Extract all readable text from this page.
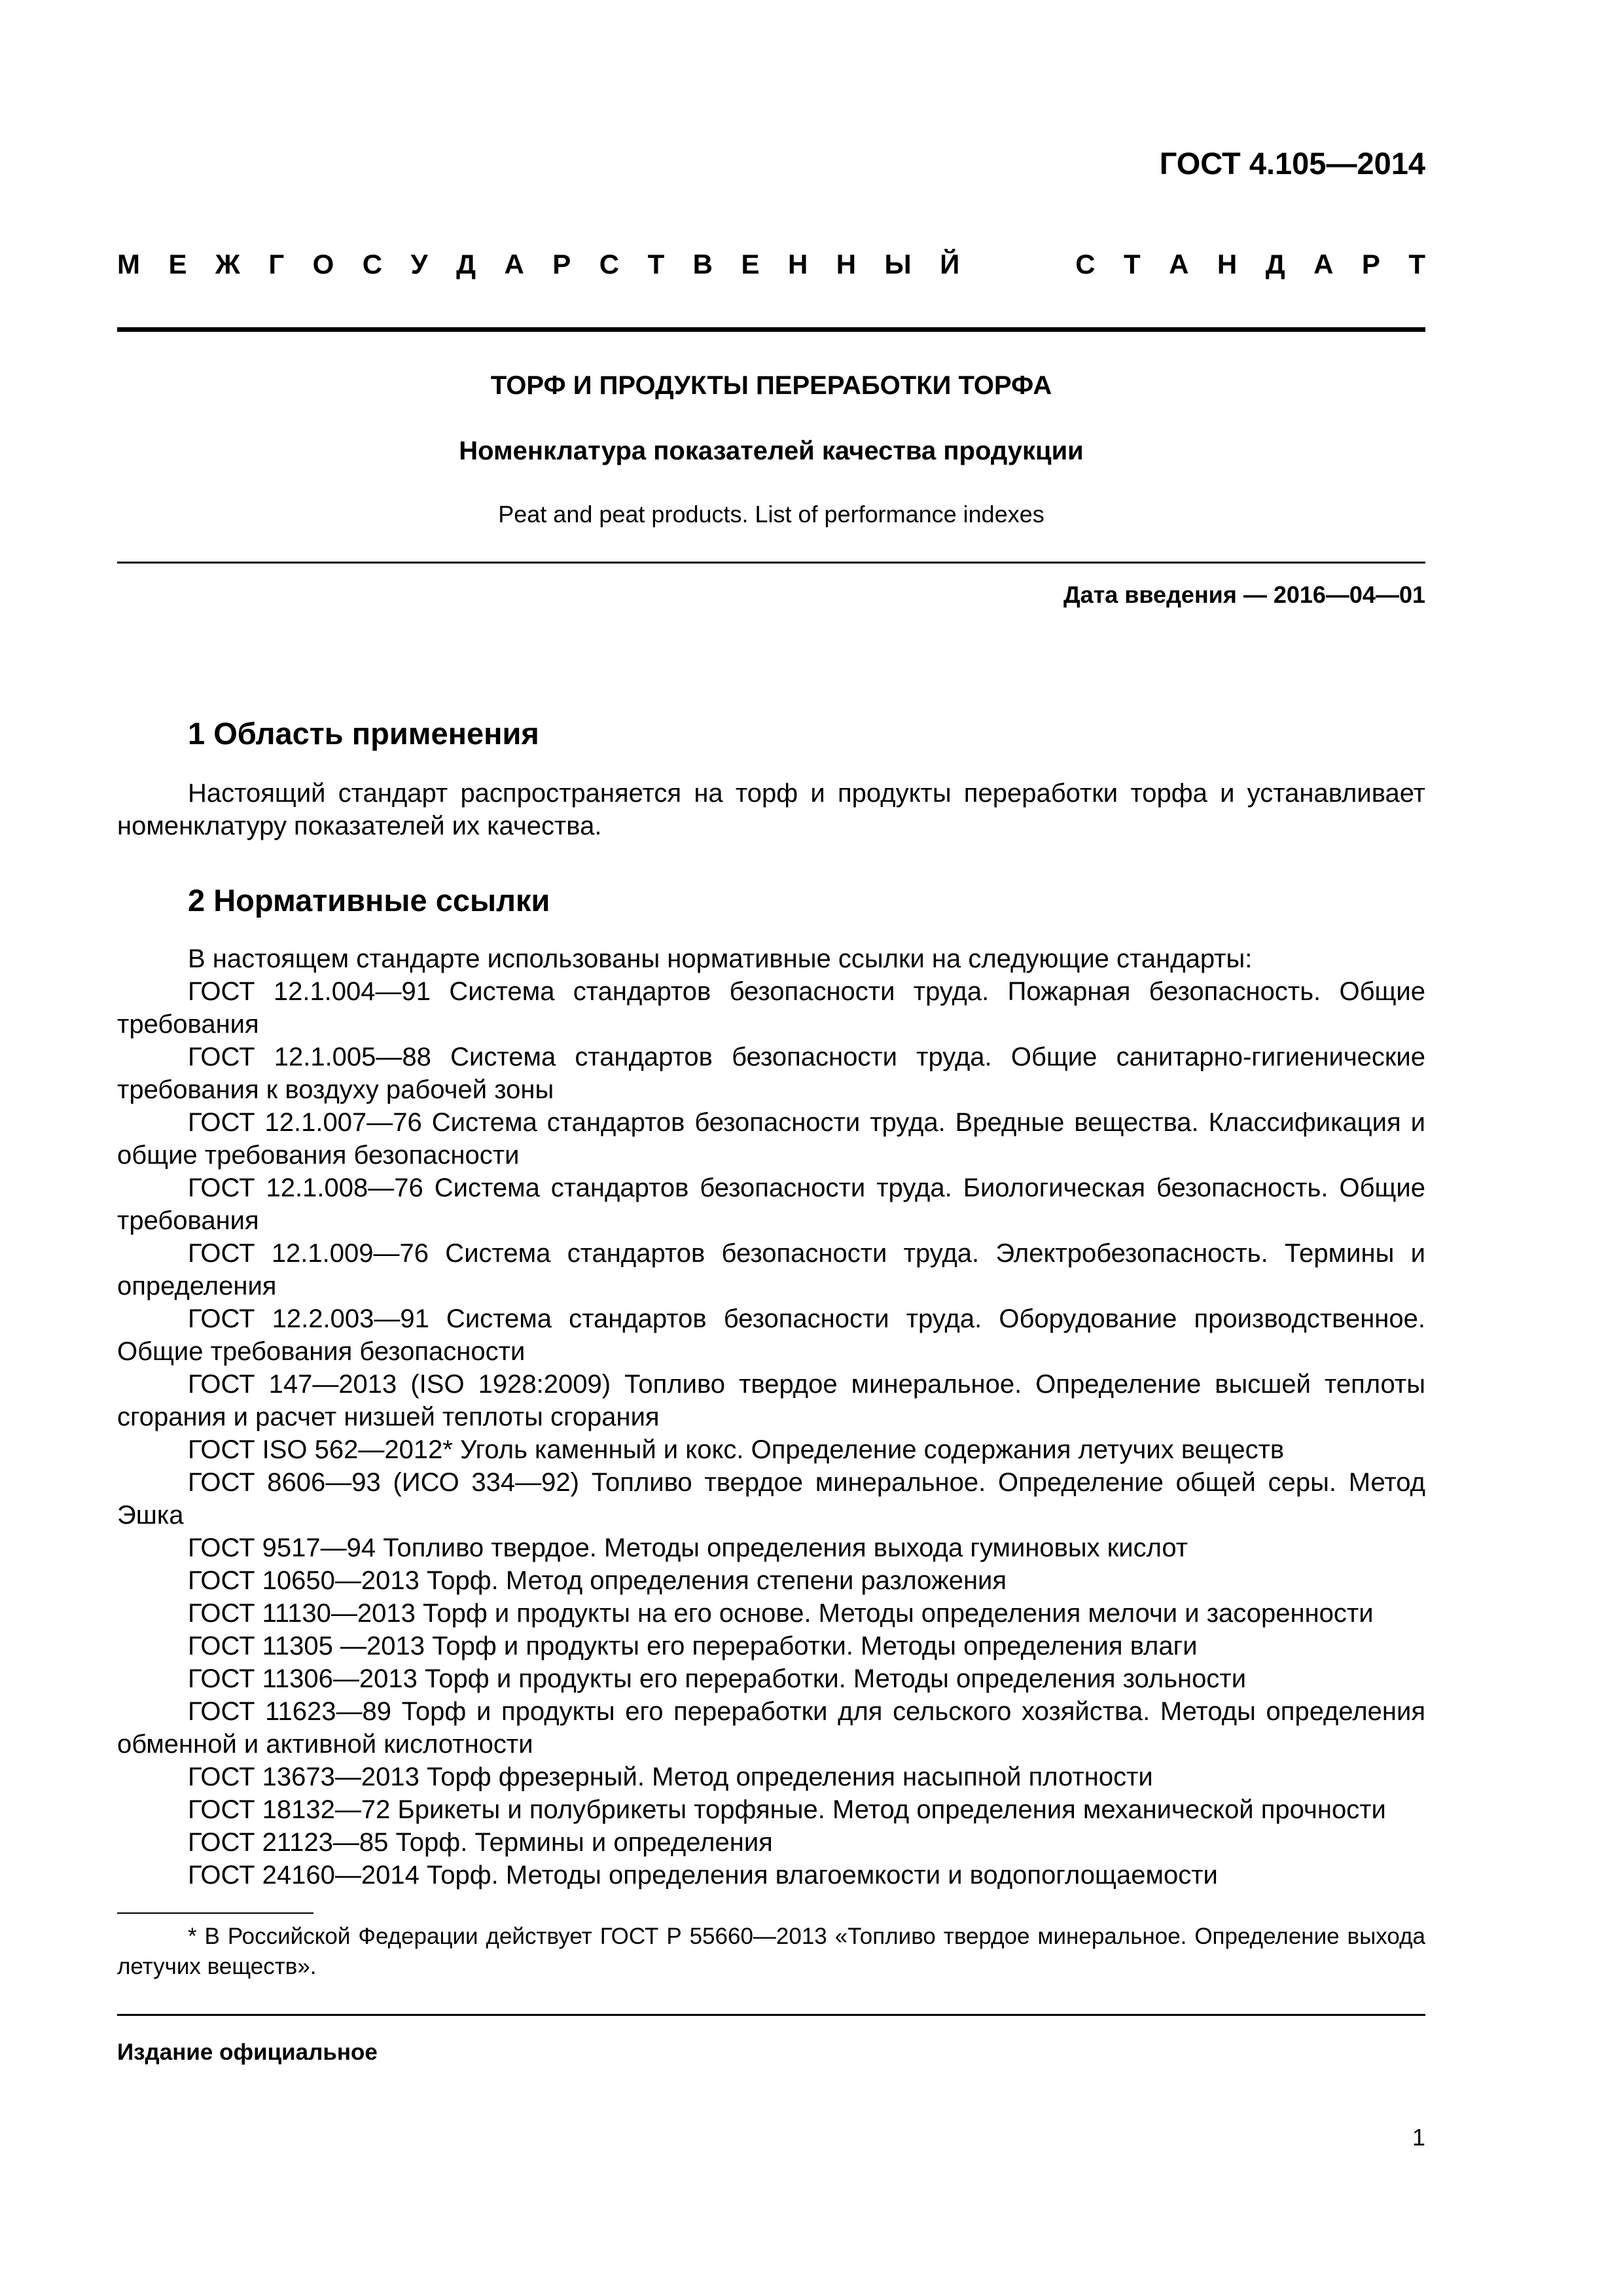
ГОСТ 4.105—2014
М Е Ж Г О С У Д А Р С Т В Е Н Н Ы Й	С Т А Н Д А Р Т
ТОРФ И ПРОДУКТЫ ПЕРЕРАБОТКИ ТОРФА
Номенклатура показателей качества продукции
Peat and peat products. List of performance indexes
Дата введения — 2016—04—01
1 Область применения

Настоящий стандарт распространяется на торф и продукты переработки торфа и устанавливает номенклатуру показателей их качества.

2 Нормативные ссылки

В настоящем стандарте использованы нормативные ссылки на следующие стандарты:

ГОСТ 12.1.004—91 Система стандартов безопасности труда. Пожарная безопасность. Общие требования

ГОСТ 12.1.005—88 Система стандартов безопасности труда. Общие санитарно-гигиенические требования к воздуху рабочей зоны

ГОСТ 12.1.007—76 Система стандартов безопасности труда. Вредные вещества. Классификация и общие требования безопасности

ГОСТ 12.1.008—76 Система стандартов безопасности труда. Биологическая безопасность. Общие требования

ГОСТ 12.1.009—76 Система стандартов безопасности труда. Электробезопасность. Термины и определения

ГОСТ 12.2.003—91 Система стандартов безопасности труда. Оборудование производственное. Общие требования безопасности

ГОСТ 147—2013 (ISO 1928:2009) Топливо твердое минеральное. Определение высшей теплоты сгорания и расчет низшей теплоты сгорания

ГОСТ ISO 562—2012* Уголь каменный и кокс. Определение содержания летучих веществ

ГОСТ 8606—93 (ИСО 334—92) Топливо твердое минеральное. Определение общей серы. Метод Эшка

ГОСТ 9517—94 Топливо твердое. Методы определения выхода гуминовых кислот

ГОСТ 10650—2013 Торф. Метод определения степени разложения

ГОСТ 11130—2013 Торф и продукты на его основе. Методы определения мелочи и засоренности

ГОСТ 11305 —2013 Торф и продукты его переработки. Методы определения влаги

ГОСТ 11306—2013 Торф и продукты его переработки. Методы определения зольности

ГОСТ 11623—89 Торф и продукты его переработки для сельского хозяйства. Методы определения обменной и активной кислотности

ГОСТ 13673—2013 Торф фрезерный. Метод определения насыпной плотности

ГОСТ 18132—72 Брикеты и полубрикеты торфяные. Метод определения механической прочности

ГОСТ 21123—85 Торф. Термины и определения

ГОСТ 24160—2014 Торф. Методы определения влагоемкости и водопоглощаемости

* В Российской Федерации действует ГОСТ Р 55660—2013 «Топливо твердое минеральное. Определение выхода летучих веществ».
Издание официальное
1
